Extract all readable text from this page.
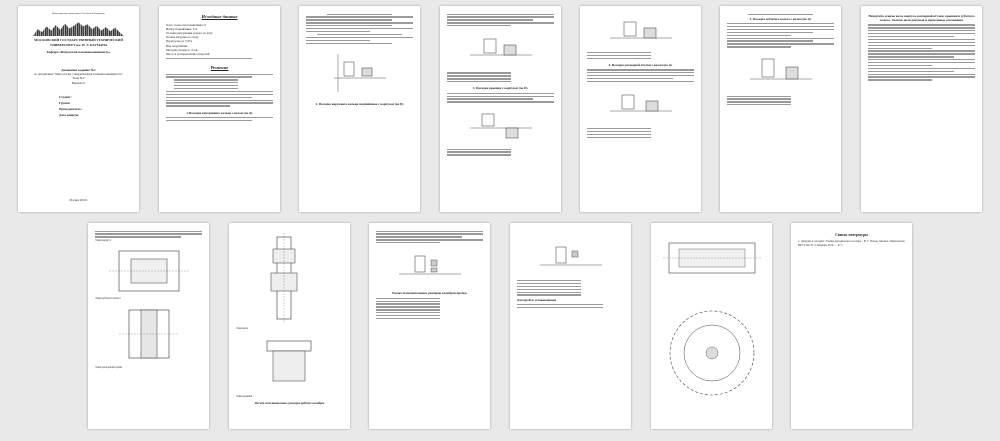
Министерство образования Российской Федерации
МОСКОВСКИЙ ГОСУДАРСТВЕННЫЙ ТЕХНИЧЕСКИЙ УНИВЕРСИТЕТ им. Н. Э. БАУМАНА
Кафедра «Метрология и взаимозаменяемость»
Домашнее задание №1
по дисциплине "Метрология, стандартизация и взаимозаменяемость"
"Тема №1"
Вариант 6
Студент:
Группа:
Преподаватель:
Дата защиты:
Москва 2016г.
Исходные данные
Класс точности подшипника: 0
Номер подшипника: 312
Условия нагружения кольца: по валу
Осевая нагрузка на опору
Перегрузка до 150%
Вид нагружения:
Материал корпуса: сталь
Число и распределение отверстий
Решение
1.Посадки внутреннего кольца с валом (по d).
2. Посадка наружного кольца подшипника с корпусом (по D)
3. Посадка крышки с корпусом (по D).
4. Посадка распорной втулки с валом (по d).
5. Посадка зубчатого колеса с валом (по d).
Начертить эскизы вала, корпуса, распорной втулки, крышки и зубчатого колеса. Указать поля допусков и предельные отклонения
Эскиз корпуса
Эскиз зубчатого колеса
Эскиз распорной втулки
Эскиз вала
Эскиз крышки
Расчет исполнительных размеров рабочих калибров
Расчет исполнительных размеров калибров-пробок
Для пробок устанавливаем
Список литературы
1. Допуски и посадки: Учебно-методическое пособие / В. Г. Попов, Москва: Издательство МГТУ им. Н. Э. Баумана, 2012. — 47 с.
